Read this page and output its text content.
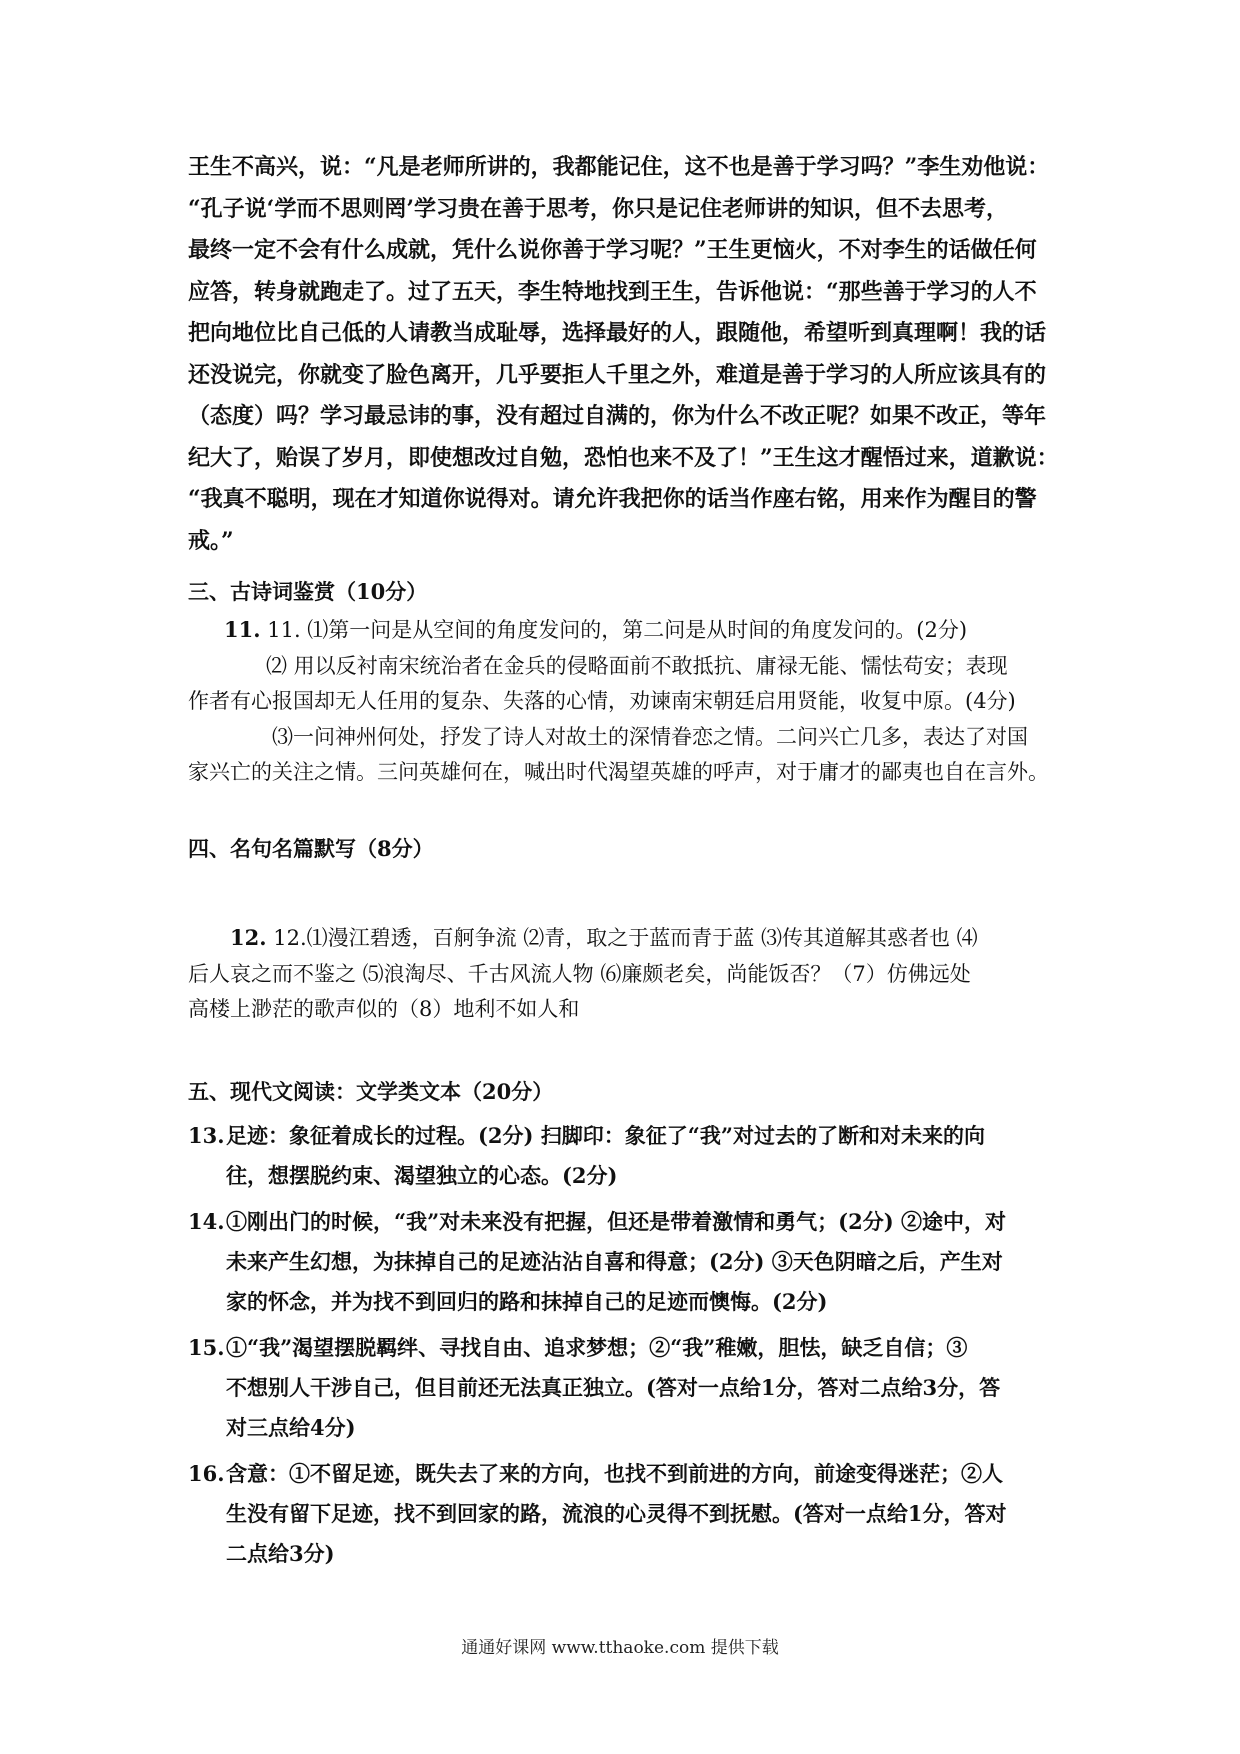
王生不高兴，说：“凡是老师所讲的，我都能记住，这不也是善于学习吗？”李生劝他说：

“孔子说‘学而不思则罔’学习贵在善于思考，你只是记住老师讲的知识，但不去思考，

最终一定不会有什么成就，凭什么说你善于学习呢？”王生更恼火，不对李生的话做任何

应答，转身就跑走了。过了五天，李生特地找到王生，告诉他说：“那些善于学习的人不

把向地位比自己低的人请教当成耻辱，选择最好的人，跟随他，希望听到真理啊！我的话

还没说完，你就变了脸色离开，几乎要拒人千里之外，难道是善于学习的人所应该具有的

（态度）吗？学习最忌讳的事，没有超过自满的，你为什么不改正呢？如果不改正，等年

纪大了，贻误了岁月，即使想改过自勉，恐怕也来不及了！”王生这才醒悟过来，道歉说：

“我真不聪明，现在才知道你说得对。请允许我把你的话当作座右铭，用来作为醒目的警

戒。”

三、古诗词鉴赏（10分）

11. 11. ⑴第一问是从空间的角度发问的，第二问是从时间的角度发问的。(2分)

⑵ 用以反衬南宋统治者在金兵的侵略面前不敢抵抗、庸禄无能、懦怯苟安；表现

作者有心报国却无人任用的复杂、失落的心情，劝谏南宋朝廷启用贤能，收复中原。(4分)

⑶一问神州何处，抒发了诗人对故土的深情眷恋之情。二问兴亡几多，表达了对国

家兴亡的关注之情。三问英雄何在，喊出时代渴望英雄的呼声，对于庸才的鄙夷也自在言外。

四、名句名篇默写（8分）

12. 12.⑴漫江碧透，百舸争流 ⑵青，取之于蓝而青于蓝 ⑶传其道解其惑者也 ⑷

后人哀之而不鉴之 ⑸浪淘尽、千古风流人物 ⑹廉颇老矣，尚能饭否？（7）仿佛远处

高楼上渺茫的歌声似的（8）地利不如人和

五、现代文阅读：文学类文本（20分）
13. 足迹：象征着成长的过程。(2分) 扫脚印：象征了“我”对过去的了断和对未来的向
往，想摆脱约束、渴望独立的心态。(2分)
14. ①刚出门的时候，“我”对未来没有把握，但还是带着激情和勇气；(2分) ②途中，对
未来产生幻想，为抹掉自己的足迹沾沾自喜和得意；(2分) ③天色阴暗之后，产生对
家的怀念，并为找不到回归的路和抹掉自己的足迹而懊悔。(2分)
15. ①“我”渴望摆脱羁绊、寻找自由、追求梦想；②“我”稚嫩，胆怯，缺乏自信；③
不想别人干涉自己，但目前还无法真正独立。(答对一点给1分，答对二点给3分，答
对三点给4分)
16. 含意：①不留足迹，既失去了来的方向，也找不到前进的方向，前途变得迷茫；②人
生没有留下足迹，找不到回家的路，流浪的心灵得不到抚慰。(答对一点给1分，答对
二点给3分)
通通好课网 www.tthaoke.com 提供下载
